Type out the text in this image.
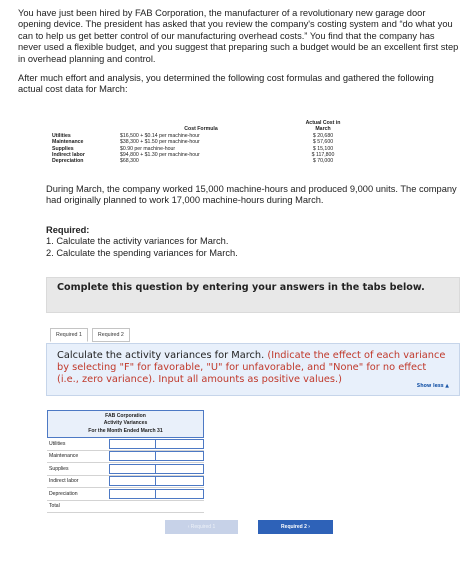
You have just been hired by FAB Corporation, the manufacturer of a revolutionary new garage door opening device. The president has asked that you review the company's costing system and “do what you can to help us get better control of our manufacturing overhead costs.” You find that the company has never used a flexible budget, and you suggest that preparing such a budget would be an excellent first step in overhead planning and control.

After much effort and analysis, you determined the following cost formulas and gathered the following actual cost data for March:

Cost Formula
Actual Cost in
March
Utilities	$16,500 + $0.14 per machine-hour	$ 20,680
Maintenance	$38,300 + $1.50 per machine-hour	$ 57,600
Supplies	$0.90 per machine-hour	$ 15,100
Indirect labor	$94,800 + $1.30 per machine-hour	$ 117,800
Depreciation	$68,300	$ 70,000
During March, the company worked 15,000 machine-hours and produced 9,000 units. The company had originally planned to work 17,000 machine-hours during March.
Required:
1. Calculate the activity variances for March.
2. Calculate the spending variances for March.
Complete this question by entering your answers in the tabs below.
Required 1	Required 2
Calculate the activity variances for March. (Indicate the effect of each variance by selecting "F" for favorable, "U" for unfavorable, and "None" for no effect (i.e., zero variance). Input all amounts as positive values.)
Show less ▲
FAB Corporation
Activity Variances
For the Month Ended March 31
Utilities
Maintenance
Supplies
Indirect labor
Depreciation
Total
‹ Required 1	Required 2 ›
